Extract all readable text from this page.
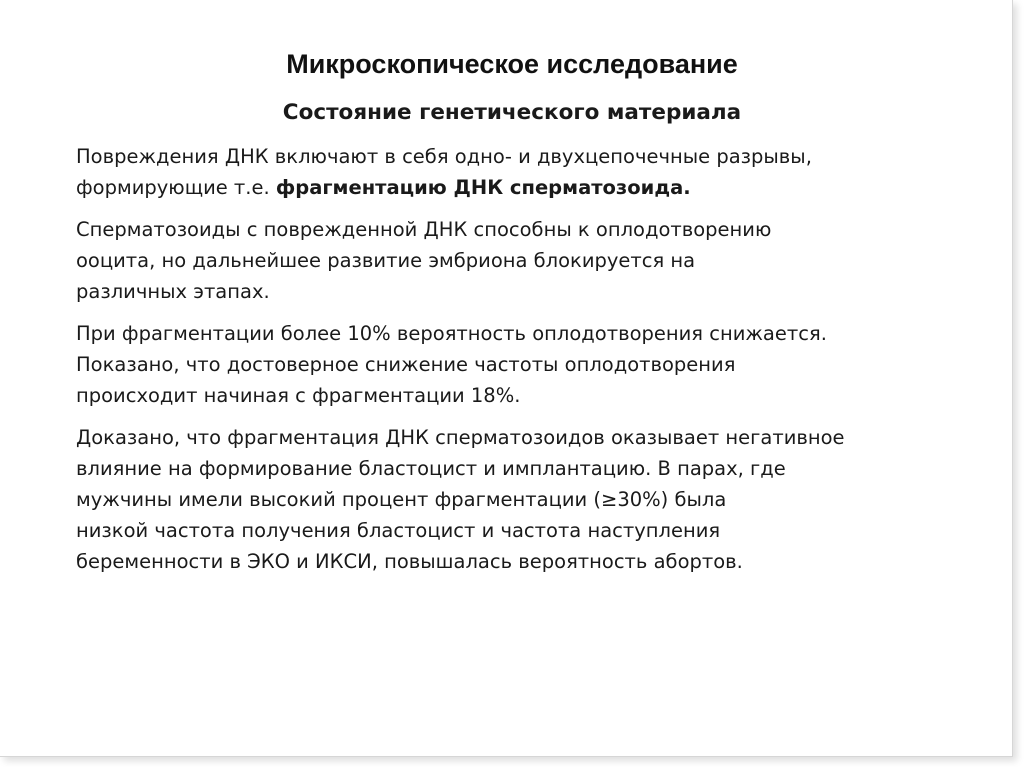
Микроскопическое исследование
Состояние генетического материала
Повреждения ДНК включают в себя одно- и двухцепочечные разрывы,
формирующие т.е. фрагментацию ДНК сперматозоида.
Сперматозоиды с поврежденной ДНК способны к оплодотворению
ооцита, но дальнейшее развитие эмбриона блокируется на
различных этапах.
При фрагментации более 10% вероятность оплодотворения снижается.
Показано, что достоверное снижение частоты оплодотворения
происходит начиная с фрагментации 18%.
Доказано, что фрагментация ДНК сперматозоидов оказывает негативное
влияние на формирование бластоцист и имплантацию. В парах, где
мужчины имели высокий процент фрагментации (≥30%) была
низкой частота получения бластоцист и частота наступления
беременности в ЭКО и ИКСИ, повышалась вероятность абортов.
